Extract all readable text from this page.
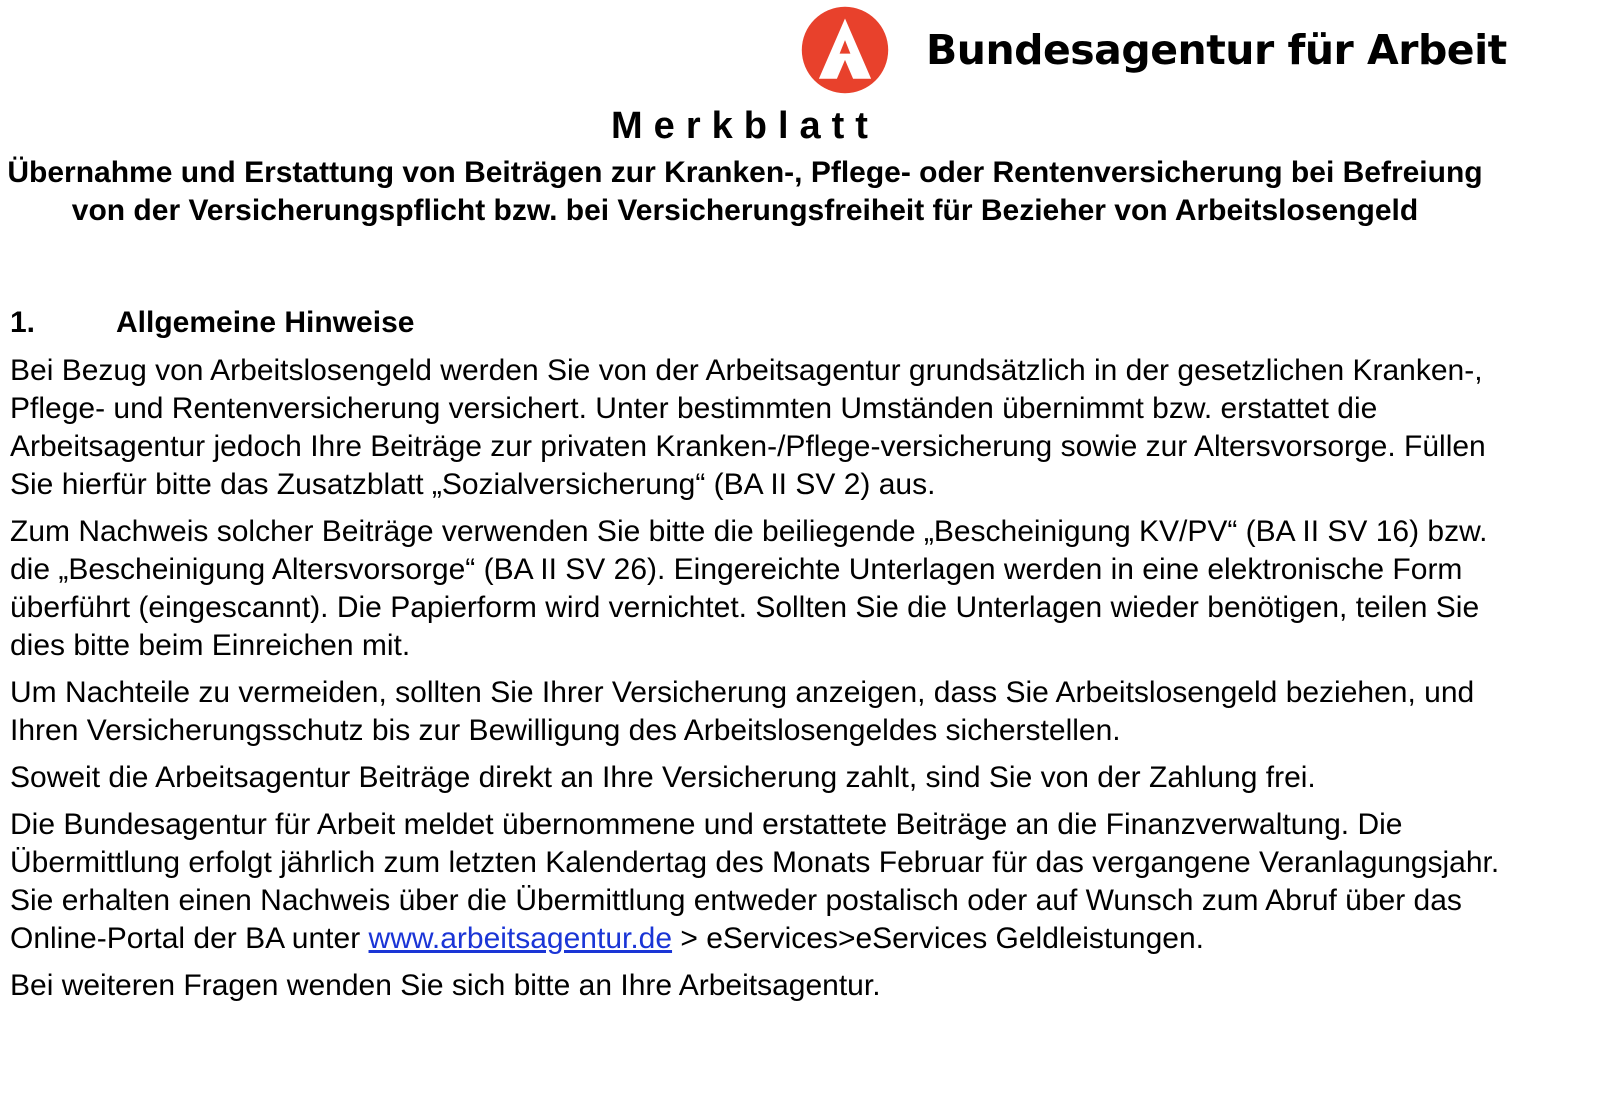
Bundesagentur für Arbeit
Merkblatt
Übernahme und Erstattung von Beiträgen zur Kranken-, Pflege- oder Rentenversicherung bei Befreiung von der Versicherungspflicht bzw. bei Versicherungsfreiheit für Bezieher von Arbeitslosengeld
1.	Allgemeine Hinweise

Bei Bezug von Arbeitslosengeld werden Sie von der Arbeitsagentur grundsätzlich in der gesetzlichen Kranken-, Pflege- und Rentenversicherung versichert. Unter bestimmten Umständen übernimmt bzw. erstattet die Arbeitsagentur jedoch Ihre Beiträge zur privaten Kranken-/Pflege-versicherung sowie zur Altersvorsorge. Füllen Sie hierfür bitte das Zusatzblatt „Sozialversicherung“ (BA II SV 2) aus.

Zum Nachweis solcher Beiträge verwenden Sie bitte die beiliegende „Bescheinigung KV/PV“ (BA II SV 16) bzw. die „Bescheinigung Altersvorsorge“ (BA II SV 26). Eingereichte Unterlagen werden in eine elektronische Form überführt (eingescannt). Die Papierform wird vernichtet. Sollten Sie die Unterlagen wieder benötigen, teilen Sie dies bitte beim Einreichen mit.

Um Nachteile zu vermeiden, sollten Sie Ihrer Versicherung anzeigen, dass Sie Arbeitslosengeld beziehen, und Ihren Versicherungsschutz bis zur Bewilligung des Arbeitslosengeldes sicherstellen.

Soweit die Arbeitsagentur Beiträge direkt an Ihre Versicherung zahlt, sind Sie von der Zahlung frei.

Die Bundesagentur für Arbeit meldet übernommene und erstattete Beiträge an die Finanzverwaltung. Die Übermittlung erfolgt jährlich zum letzten Kalendertag des Monats Februar für das vergangene Veranlagungsjahr. Sie erhalten einen Nachweis über die Übermittlung entweder postalisch oder auf Wunsch zum Abruf über das Online-Portal der BA unter www.arbeitsagentur.de > eServices>eServices Geldleistungen.

Bei weiteren Fragen wenden Sie sich bitte an Ihre Arbeitsagentur.
